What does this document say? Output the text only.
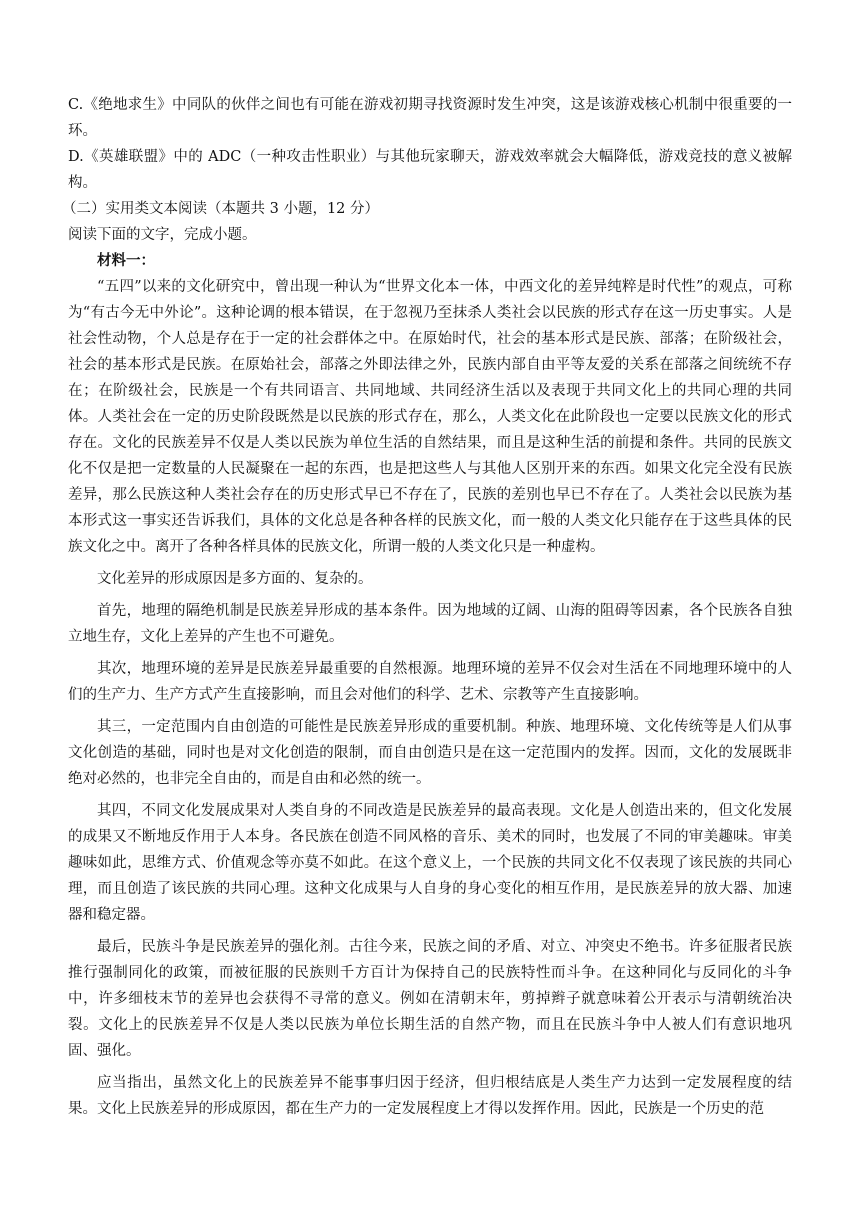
C.《绝地求生》中同队的伙伴之间也有可能在游戏初期寻找资源时发生冲突，这是该游戏核心机制中很重要的一环。

D.《英雄联盟》中的 ADC（一种攻击性职业）与其他玩家聊天，游戏效率就会大幅降低，游戏竞技的意义被解构。

（二）实用类文本阅读（本题共 3 小题，12 分）

阅读下面的文字，完成小题。

材料一：

“五四”以来的文化研究中，曾出现一种认为“世界文化本一体，中西文化的差异纯粹是时代性”的观点，可称为“有古今无中外论”。这种论调的根本错误，在于忽视乃至抹杀人类社会以民族的形式存在这一历史事实。人是社会性动物，个人总是存在于一定的社会群体之中。在原始时代，社会的基本形式是民族、部落；在阶级社会，社会的基本形式是民族。在原始社会，部落之外即法律之外，民族内部自由平等友爱的关系在部落之间统统不存在；在阶级社会，民族是一个有共同语言、共同地域、共同经济生活以及表现于共同文化上的共同心理的共同体。人类社会在一定的历史阶段既然是以民族的形式存在，那么，人类文化在此阶段也一定要以民族文化的形式存在。文化的民族差异不仅是人类以民族为单位生活的自然结果，而且是这种生活的前提和条件。共同的民族文化不仅是把一定数量的人民凝聚在一起的东西，也是把这些人与其他人区别开来的东西。如果文化完全没有民族差异，那么民族这种人类社会存在的历史形式早已不存在了，民族的差别也早已不存在了。人类社会以民族为基本形式这一事实还告诉我们，具体的文化总是各种各样的民族文化，而一般的人类文化只能存在于这些具体的民族文化之中。离开了各种各样具体的民族文化，所谓一般的人类文化只是一种虚构。

文化差异的形成原因是多方面的、复杂的。

首先，地理的隔绝机制是民族差异形成的基本条件。因为地域的辽阔、山海的阻碍等因素，各个民族各自独立地生存，文化上差异的产生也不可避免。

其次，地理环境的差异是民族差异最重要的自然根源。地理环境的差异不仅会对生活在不同地理环境中的人们的生产力、生产方式产生直接影响，而且会对他们的科学、艺术、宗教等产生直接影响。

其三，一定范围内自由创造的可能性是民族差异形成的重要机制。种族、地理环境、文化传统等是人们从事文化创造的基础，同时也是对文化创造的限制，而自由创造只是在这一定范围内的发挥。因而，文化的发展既非绝对必然的，也非完全自由的，而是自由和必然的统一。

其四，不同文化发展成果对人类自身的不同改造是民族差异的最高表现。文化是人创造出来的，但文化发展的成果又不断地反作用于人本身。各民族在创造不同风格的音乐、美术的同时，也发展了不同的审美趣味。审美趣味如此，思维方式、价值观念等亦莫不如此。在这个意义上，一个民族的共同文化不仅表现了该民族的共同心理，而且创造了该民族的共同心理。这种文化成果与人自身的身心变化的相互作用，是民族差异的放大器、加速器和稳定器。

最后，民族斗争是民族差异的强化剂。古往今来，民族之间的矛盾、对立、冲突史不绝书。许多征服者民族推行强制同化的政策，而被征服的民族则千方百计为保持自己的民族特性而斗争。在这种同化与反同化的斗争中，许多细枝末节的差异也会获得不寻常的意义。例如在清朝末年，剪掉辫子就意味着公开表示与清朝统治决裂。文化上的民族差异不仅是人类以民族为单位长期生活的自然产物，而且在民族斗争中人被人们有意识地巩固、强化。

应当指出，虽然文化上的民族差异不能事事归因于经济，但归根结底是人类生产力达到一定发展程度的结果。文化上民族差异的形成原因，都在生产力的一定发展程度上才得以发挥作用。因此，民族是一个历史的范
